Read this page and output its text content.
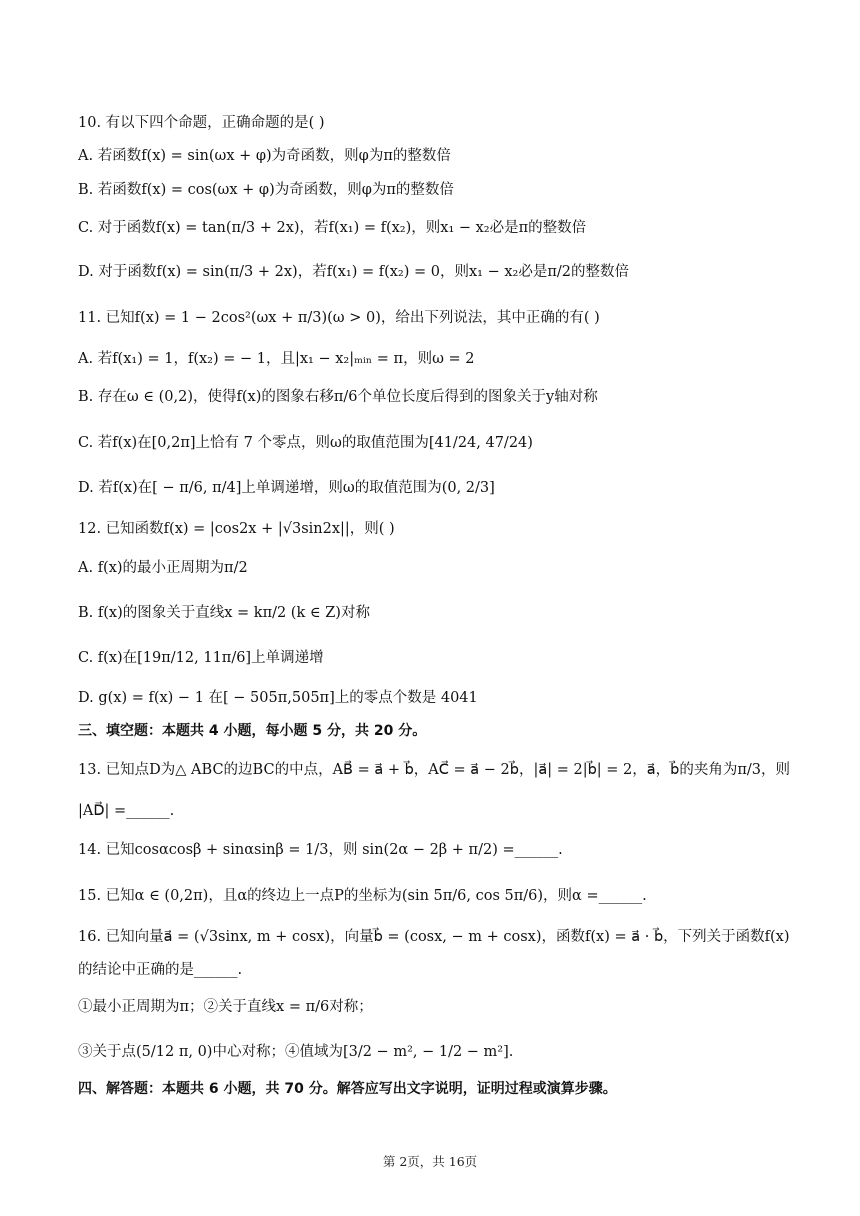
10. 有以下四个命题，正确命题的是( )
A. 若函数f(x) = sin(ωx + φ)为奇函数，则φ为π的整数倍
B. 若函数f(x) = cos(ωx + φ)为奇函数，则φ为π的整数倍
C. 对于函数f(x) = tan(π/3 + 2x)，若f(x₁) = f(x₂)，则x₁ − x₂必是π的整数倍
D. 对于函数f(x) = sin(π/3 + 2x)，若f(x₁) = f(x₂) = 0，则x₁ − x₂必是π/2的整数倍
11. 已知f(x) = 1 − 2cos²(ωx + π/3)(ω > 0)，给出下列说法，其中正确的有( )
A. 若f(x₁) = 1，f(x₂) = − 1，且|x₁ − x₂|ₘᵢₙ = π，则ω = 2
B. 存在ω ∈ (0,2)，使得f(x)的图象右移π/6个单位长度后得到的图象关于y轴对称
C. 若f(x)在[0,2π]上恰有 7 个零点，则ω的取值范围为[41/24, 47/24)
D. 若f(x)在[ − π/6, π/4]上单调递增，则ω的取值范围为(0, 2/3]
12. 已知函数f(x) = |cos2x + |√3sin2x||，则( )
A. f(x)的最小正周期为π/2
B. f(x)的图象关于直线x = kπ/2 (k ∈ Z)对称
C. f(x)在[19π/12, 11π/6]上单调递增
D. g(x) = f(x) − 1 在[ − 505π,505π]上的零点个数是 4041
三、填空题：本题共 4 小题，每小题 5 分，共 20 分。
13. 已知点D为△ ABC的边BC的中点，AB⃗ = a⃗ + b⃗，AC⃗ = a⃗ − 2b⃗，|a⃗| = 2|b⃗| = 2，a⃗，b⃗的夹角为π/3，则
|AD⃗| =______.
14. 已知cosαcosβ + sinαsinβ = 1/3，则 sin(2α − 2β + π/2) =______.
15. 已知α ∈ (0,2π)，且α的终边上一点P的坐标为(sin 5π/6, cos 5π/6)，则α =______.
16. 已知向量a⃗ = (√3sinx, m + cosx)，向量b⃗ = (cosx, − m + cosx)，函数f(x) = a⃗ · b⃗，下列关于函数f(x)
的结论中正确的是______.
①最小正周期为π；②关于直线x = π/6对称；
③关于点(5/12 π, 0)中心对称；④值域为[3/2 − m², − 1/2 − m²].
四、解答题：本题共 6 小题，共 70 分。解答应写出文字说明，证明过程或演算步骤。
第 2页，共 16页
